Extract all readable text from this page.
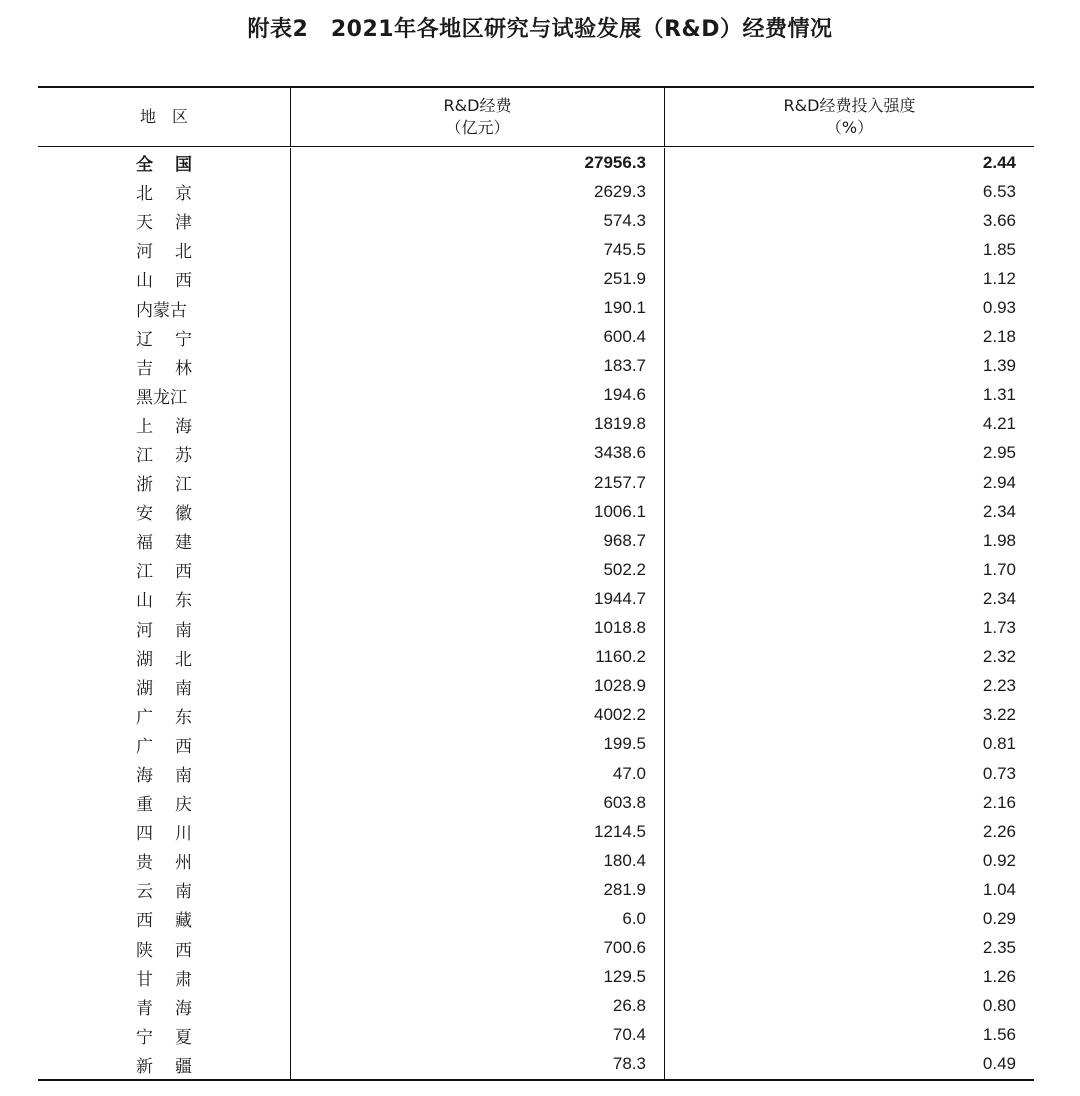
附表2　2021年各地区研究与试验发展（R&D）经费情况
地　区
R&D经费
（亿元）
R&D经费投入强度
（%）
全 国
北 京
天 津
河 北
山 西
内蒙古
辽 宁
吉 林
黑龙江
上 海
江 苏
浙 江
安 徽
福 建
江 西
山 东
河 南
湖 北
湖 南
广 东
广 西
海 南
重 庆
四 川
贵 州
云 南
西 藏
陕 西
甘 肃
青 海
宁 夏
新 疆
27956.3
2629.3
574.3
745.5
251.9
190.1
600.4
183.7
194.6
1819.8
3438.6
2157.7
1006.1
968.7
502.2
1944.7
1018.8
1160.2
1028.9
4002.2
199.5
47.0
603.8
1214.5
180.4
281.9
6.0
700.6
129.5
26.8
70.4
78.3
2.44
6.53
3.66
1.85
1.12
0.93
2.18
1.39
1.31
4.21
2.95
2.94
2.34
1.98
1.70
2.34
1.73
2.32
2.23
3.22
0.81
0.73
2.16
2.26
0.92
1.04
0.29
2.35
1.26
0.80
1.56
0.49
